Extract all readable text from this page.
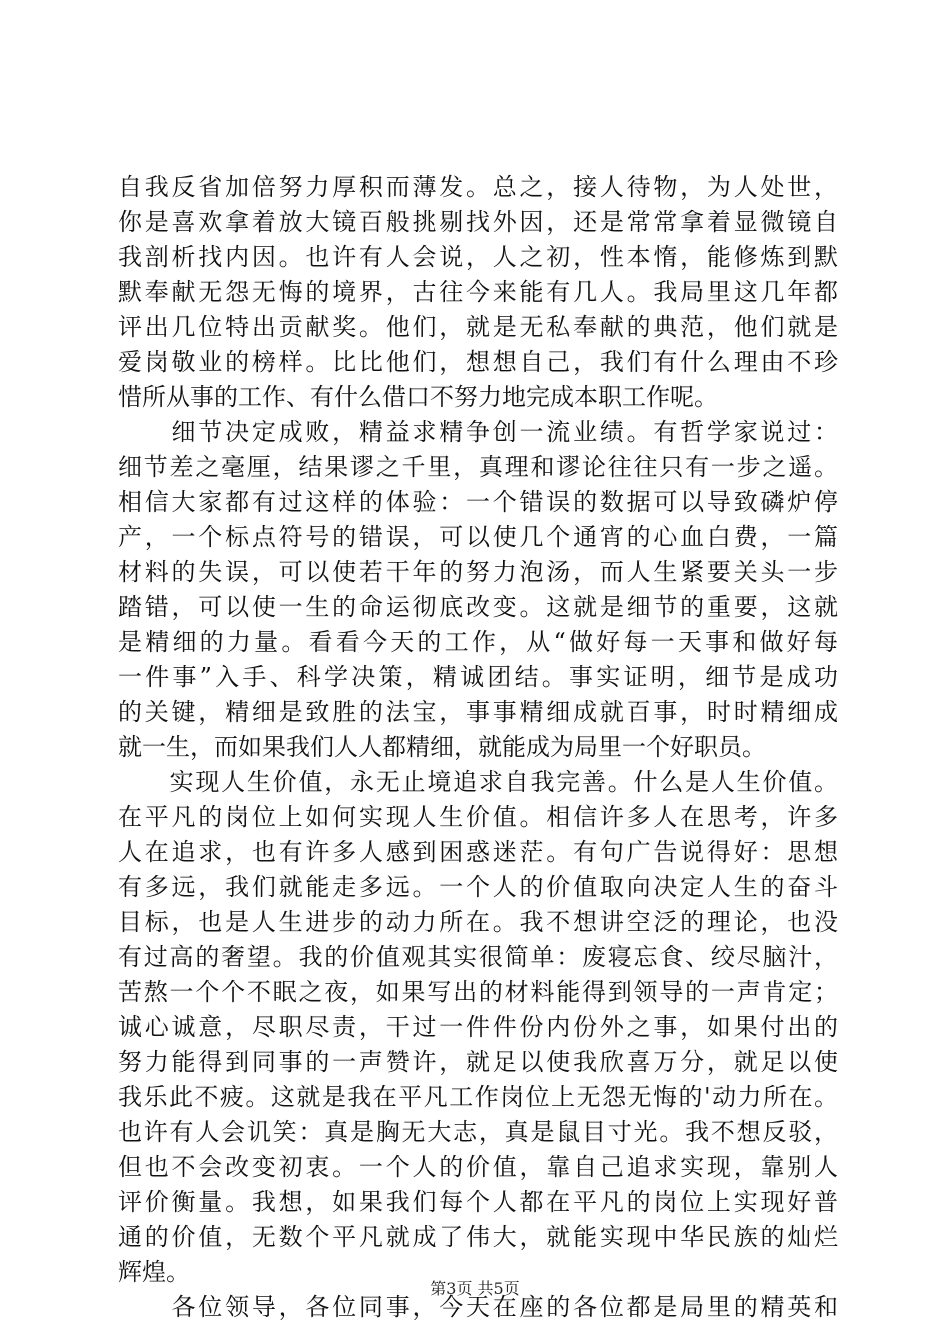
自我反省加倍努力厚积而薄发。总之，接人待物，为人处世，
你是喜欢拿着放大镜百般挑剔找外因，还是常常拿着显微镜自
我剖析找内因。也许有人会说，人之初，性本惰，能修炼到默
默奉献无怨无悔的境界，古往今来能有几人。我局里这几年都
评出几位特出贡献奖。他们，就是无私奉献的典范，他们就是
爱岗敬业的榜样。比比他们，想想自己，我们有什么理由不珍
惜所从事的工作、有什么借口不努力地完成本职工作呢。
　　细节决定成败，精益求精争创一流业绩。有哲学家说过：
细节差之毫厘，结果谬之千里，真理和谬论往往只有一步之遥。
相信大家都有过这样的体验：一个错误的数据可以导致磷炉停
产，一个标点符号的错误，可以使几个通宵的心血白费，一篇
材料的失误，可以使若干年的努力泡汤，而人生紧要关头一步
踏错，可以使一生的命运彻底改变。这就是细节的重要，这就
是精细的力量。看看今天的工作，从“做好每一天事和做好每
一件事”入手、科学决策，精诚团结。事实证明，细节是成功
的关键，精细是致胜的法宝，事事精细成就百事，时时精细成
就一生，而如果我们人人都精细，就能成为局里一个好职员。
　　实现人生价值，永无止境追求自我完善。什么是人生价值。
在平凡的岗位上如何实现人生价值。相信许多人在思考，许多
人在追求，也有许多人感到困惑迷茫。有句广告说得好：思想
有多远，我们就能走多远。一个人的价值取向决定人生的奋斗
目标，也是人生进步的动力所在。我不想讲空泛的理论，也没
有过高的奢望。我的价值观其实很简单：废寝忘食、绞尽脑汁，
苦熬一个个不眠之夜，如果写出的材料能得到领导的一声肯定；
诚心诚意，尽职尽责，干过一件件份内份外之事，如果付出的
努力能得到同事的一声赞许，就足以使我欣喜万分，就足以使
我乐此不疲。这就是我在平凡工作岗位上无怨无悔的'动力所在。
也许有人会讥笑：真是胸无大志，真是鼠目寸光。我不想反驳，
但也不会改变初衷。一个人的价值，靠自己追求实现，靠别人
评价衡量。我想，如果我们每个人都在平凡的岗位上实现好普
通的价值，无数个平凡就成了伟大，就能实现中华民族的灿烂
辉煌。
　　各位领导，各位同事，今天在座的各位都是局里的精英和
第3页 共5页
